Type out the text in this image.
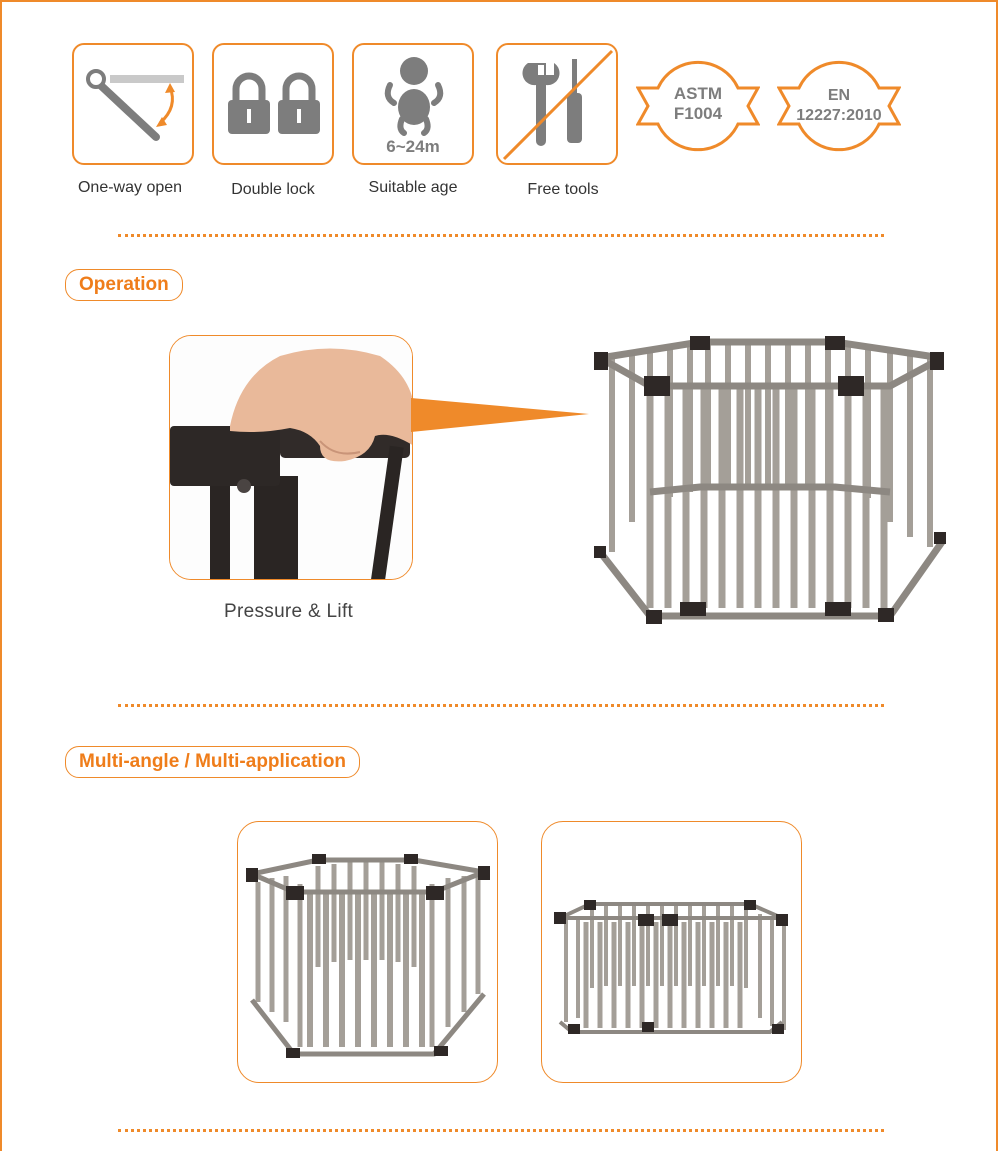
One-way open	Double lock
6~24m
Suitable age	Free tools
ASTM
F1004
EN
12227:2010
Operation
Pressure & Lift
Multi-angle / Multi-application
